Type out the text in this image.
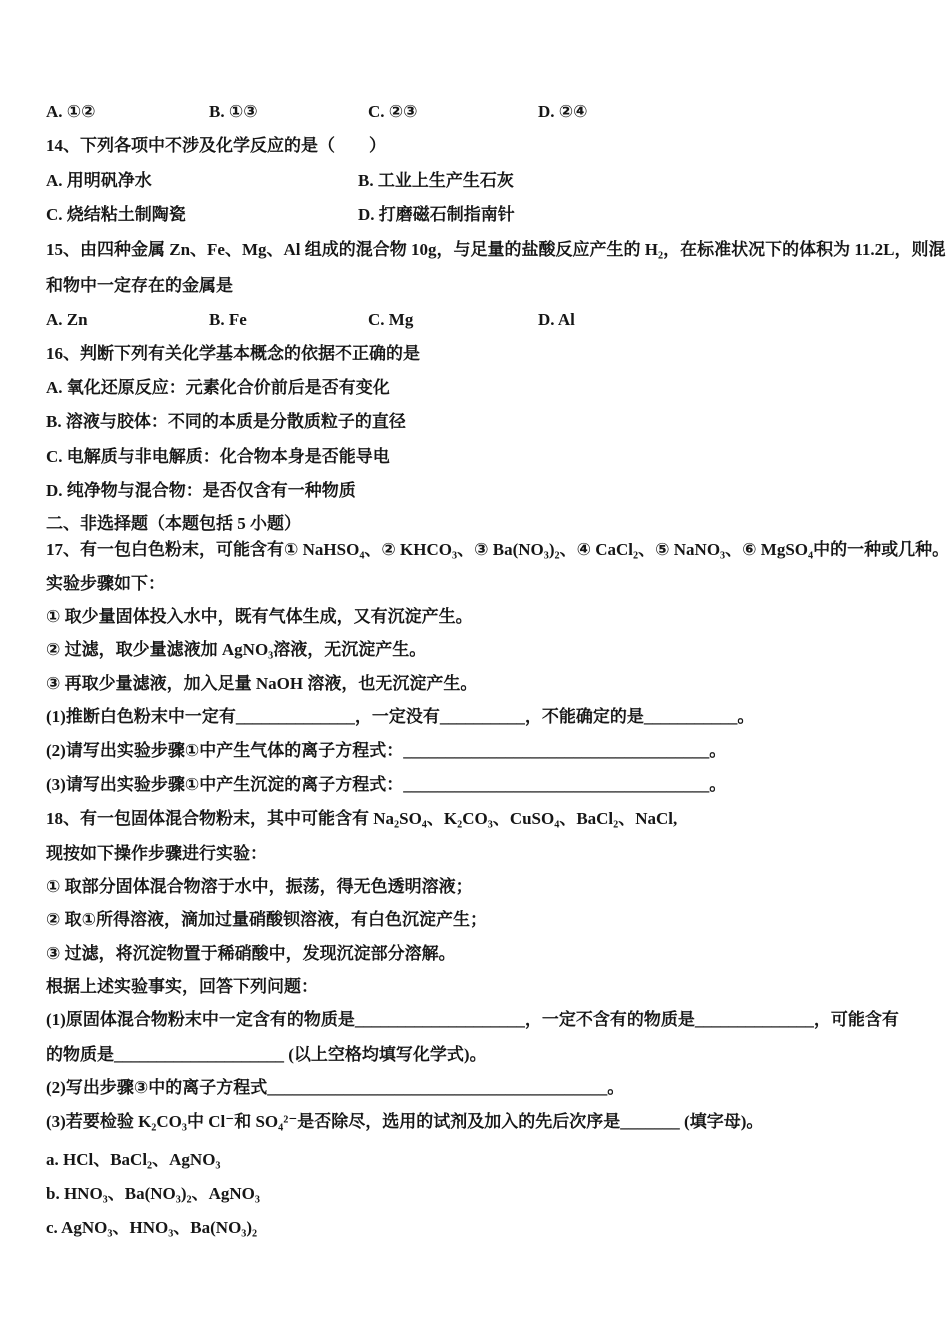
A. ①②

	B. ①③

	C. ②③

	D. ②④

14、下列各项中不涉及化学反应的是（　　）

A. 用明矾净水

	B. 工业上生产生石灰

C. 烧结粘土制陶瓷

	D. 打磨磁石制指南针

15、由四种金属 Zn、Fe、Mg、Al 组成的混合物 10g，与足量的盐酸反应产生的 H₂，在标准状况下的体积为 11.2L，则混
和物中一定存在的金属是

A. Zn

	B. Fe

	C. Mg

	D. Al

16、判断下列有关化学基本概念的依据不正确的是
A. 氧化还原反应：元素化合价前后是否有变化
B. 溶液与胶体：不同的本质是分散质粒子的直径
C. 电解质与非电解质：化合物本身是否能导电
D. 纯净物与混合物：是否仅含有一种物质
二、非选择题（本题包括 5 小题）
17、有一包白色粉末，可能含有① NaHSO₄、② KHCO₃、③ Ba(NO₃)₂、④ CaCl₂、⑤ NaNO₃、⑥ MgSO₄中的一种或几种。
实验步骤如下：
① 取少量固体投入水中，既有气体生成，又有沉淀产生。
② 过滤，取少量滤液加 AgNO₃溶液，无沉淀产生。
③ 再取少量滤液，加入足量 NaOH 溶液，也无沉淀产生。
(1)推断白色粉末中一定有______________，一定没有__________，不能确定的是___________。
(2)请写出实验步骤①中产生气体的离子方程式：____________________________________。
(3)请写出实验步骤①中产生沉淀的离子方程式：____________________________________。
18、有一包固体混合物粉末，其中可能含有 Na₂SO₄、K₂CO₃、CuSO₄、BaCl₂、NaCl,
现按如下操作步骤进行实验：
① 取部分固体混合物溶于水中，振荡，得无色透明溶液；
② 取①所得溶液，滴加过量硝酸钡溶液，有白色沉淀产生；
③ 过滤，将沉淀物置于稀硝酸中，发现沉淀部分溶解。
根据上述实验事实，回答下列问题：
(1)原固体混合物粉末中一定含有的物质是____________________，一定不含有的物质是______________，可能含有
的物质是____________________ (以上空格均填写化学式)。
(2)写出步骤③中的离子方程式________________________________________。
(3)若要检验 K₂CO₃中 Cl⁻和 SO₄²⁻是否除尽，选用的试剂及加入的先后次序是_______ (填字母)。
a. HCl、BaCl₂、AgNO₃
b. HNO₃、Ba(NO₃)₂、AgNO₃
c. AgNO₃、HNO₃、Ba(NO₃)₂
